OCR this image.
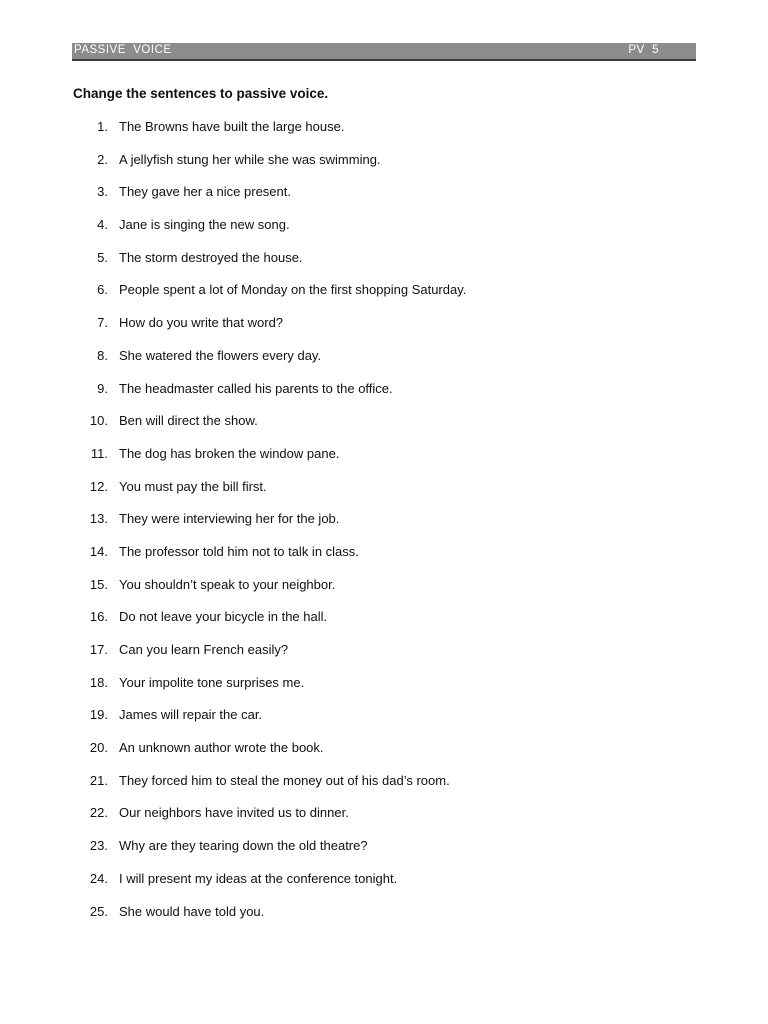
PASSIVE  VOICE	PV  5
Change the sentences to passive voice.
1. The Browns have built the large house.
2. A jellyfish stung her while she was swimming.
3. They gave her a nice present.
4. Jane is singing the new song.
5. The storm destroyed the house.
6. People spent a lot of Monday on the first shopping Saturday.
7. How do you write that word?
8. She watered the flowers every day.
9. The headmaster called his parents to the office.
10. Ben will direct the show.
11. The dog has broken the window pane.
12. You must pay the bill first.
13. They were interviewing her for the job.
14. The professor told him not to talk in class.
15. You shouldn’t speak to your neighbor.
16. Do not leave your bicycle in the hall.
17. Can you learn French easily?
18. Your impolite tone surprises me.
19. James will repair the car.
20. An unknown author wrote the book.
21. They forced him to steal the money out of his dad’s room.
22. Our neighbors have invited us to dinner.
23. Why are they tearing down the old theatre?
24. I will present my ideas at the conference tonight.
25. She would have told you.
